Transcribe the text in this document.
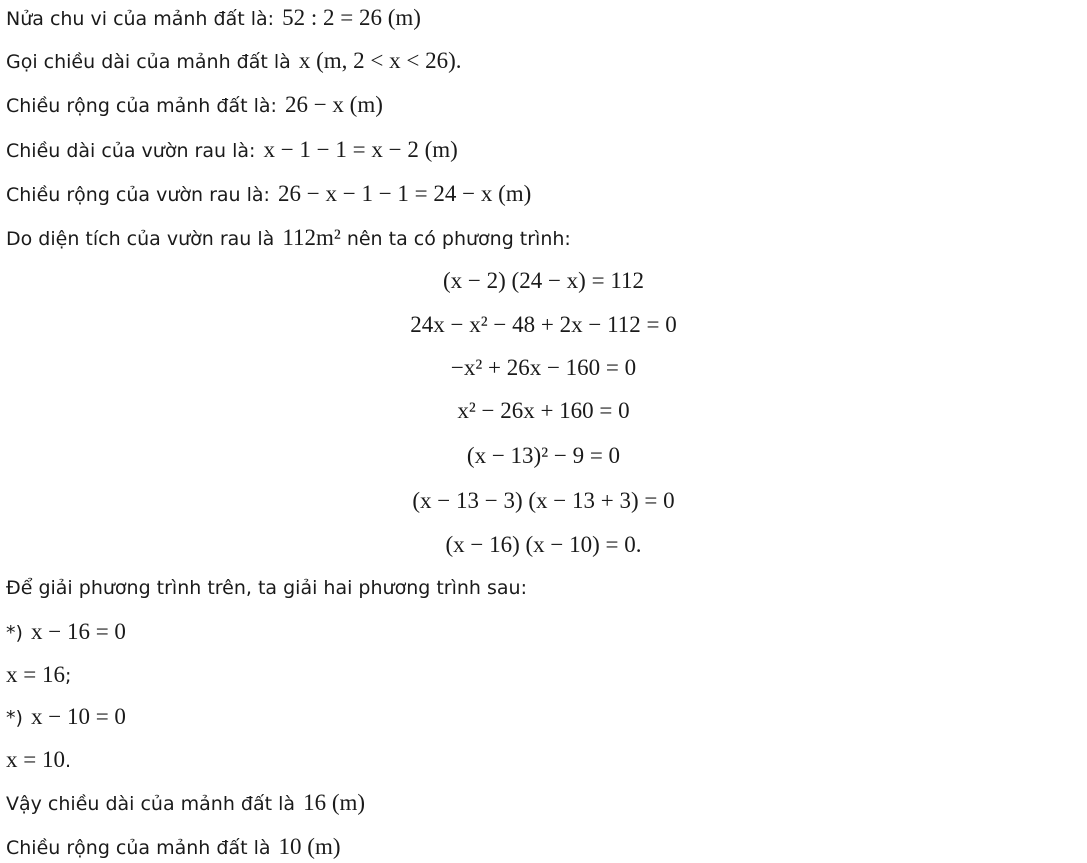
Nửa chu vi của mảnh đất là: 52 : 2 = 26 (m)
Gọi chiều dài của mảnh đất là x (m, 2 < x < 26).
Chiều rộng của mảnh đất là: 26 − x (m)
Chiều dài của vườn rau là: x − 1 − 1 = x − 2 (m)
Chiều rộng của vườn rau là: 26 − x − 1 − 1 = 24 − x (m)
Do diện tích của vườn rau là 112m² nên ta có phương trình:
(x − 2) (24 − x) = 112
24x − x² − 48 + 2x − 112 = 0
−x² + 26x − 160 = 0
x² − 26x + 160 = 0
(x − 13)² − 9 = 0
(x − 13 − 3) (x − 13 + 3) = 0
(x − 16) (x − 10) = 0.
Để giải phương trình trên, ta giải hai phương trình sau:
*) x − 16 = 0
x = 16;
*) x − 10 = 0
x = 10.
Vậy chiều dài của mảnh đất là 16 (m)
Chiều rộng của mảnh đất là 10 (m)
